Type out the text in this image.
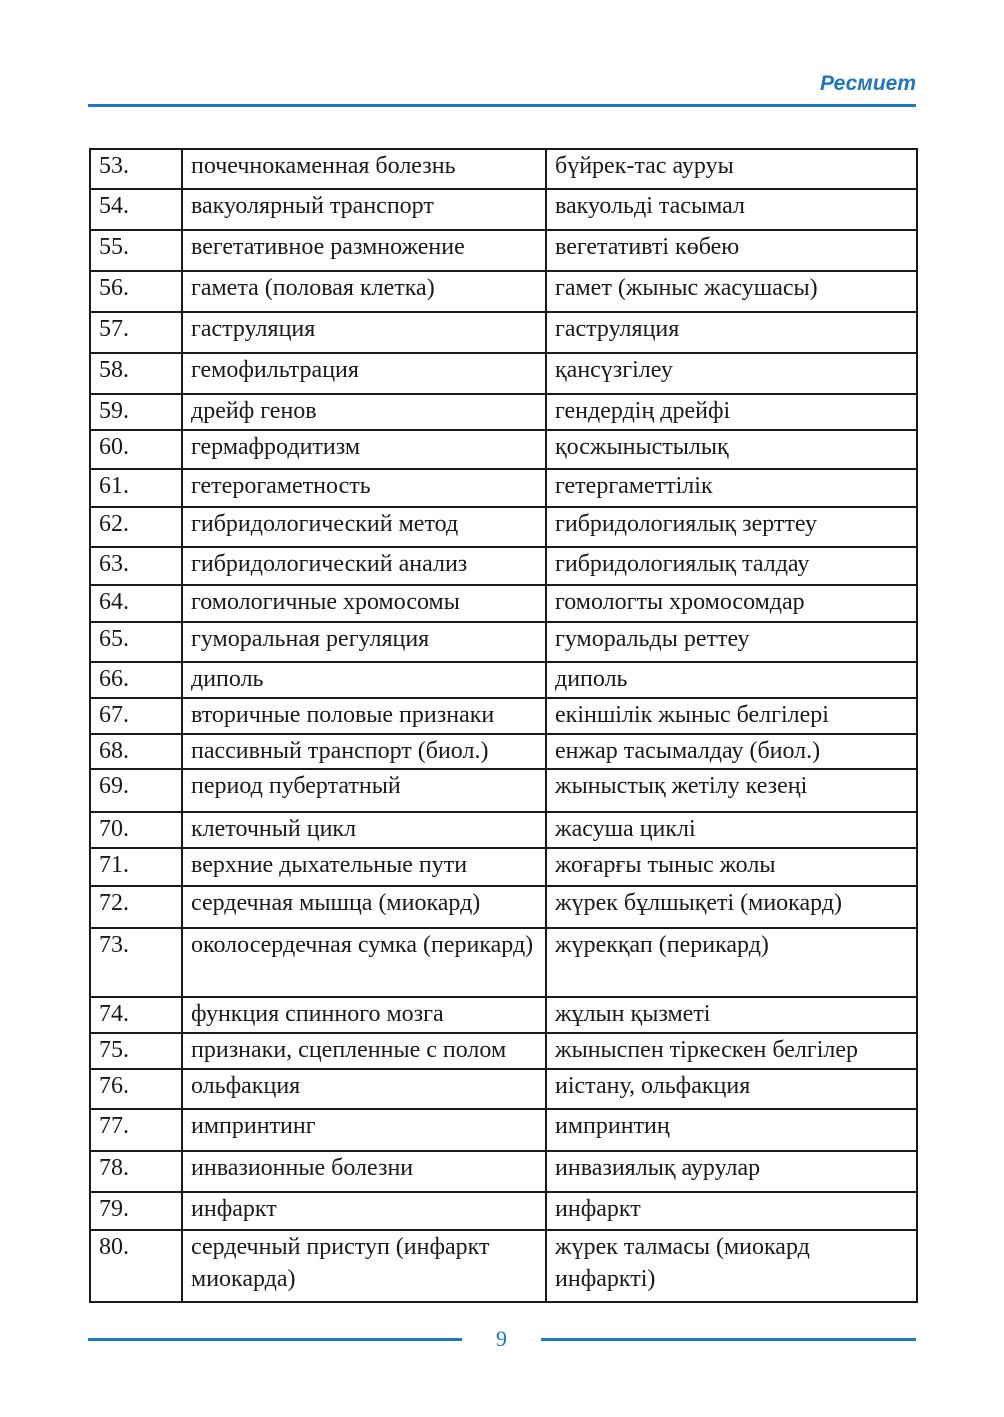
Ресмиет
53.	почечнокаменная болезнь	бүйрек-тас ауруы
54.	вакуолярный транспорт	вакуольді тасымал
55.	вегетативное размножение	вегетативті көбею
56.	гамета (половая клетка)	гамет (жыныс жасушасы)
57.	гаструляция	гаструляция
58.	гемофильтрация	қансүзгілеу
59.	дрейф генов	гендердің дрейфі
60.	гермафродитизм	қосжыныстылық
61.	гетерогаметность	гетергаметтілік
62.	гибридологический метод	гибридологиялық зерттеу
63.	гибридологический анализ	гибридологиялық талдау
64.	гомологичные хромосомы	гомологты хромосомдар
65.	гуморальная регуляция	гуморальды реттеу
66.	диполь	диполь
67.	вторичные половые признаки	екіншілік жыныс белгілері
68.	пассивный транспорт (биол.)	енжар тасымалдау (биол.)
69.	период пубертатный	жыныстық жетілу кезеңі
70.	клеточный цикл	жасуша циклі
71.	верхние дыхательные пути	жоғарғы тыныс жолы
72.	сердечная мышца (миокард)	жүрек бұлшықеті (миокард)
73.	околосердечная сумка (перикард)	жүрекқап (перикард)
74.	функция спинного мозга	жұлын қызметі
75.	признаки, сцепленные с полом	жыныспен тіркескен белгілер
76.	ольфакция	иістану, ольфакция
77.	импринтинг	импринтиң
78.	инвазионные болезни	инвазиялық аурулар
79.	инфаркт	инфаркт
80.	сердечный приступ (инфаркт миокарда)	жүрек талмасы (миокард инфаркті)
9
